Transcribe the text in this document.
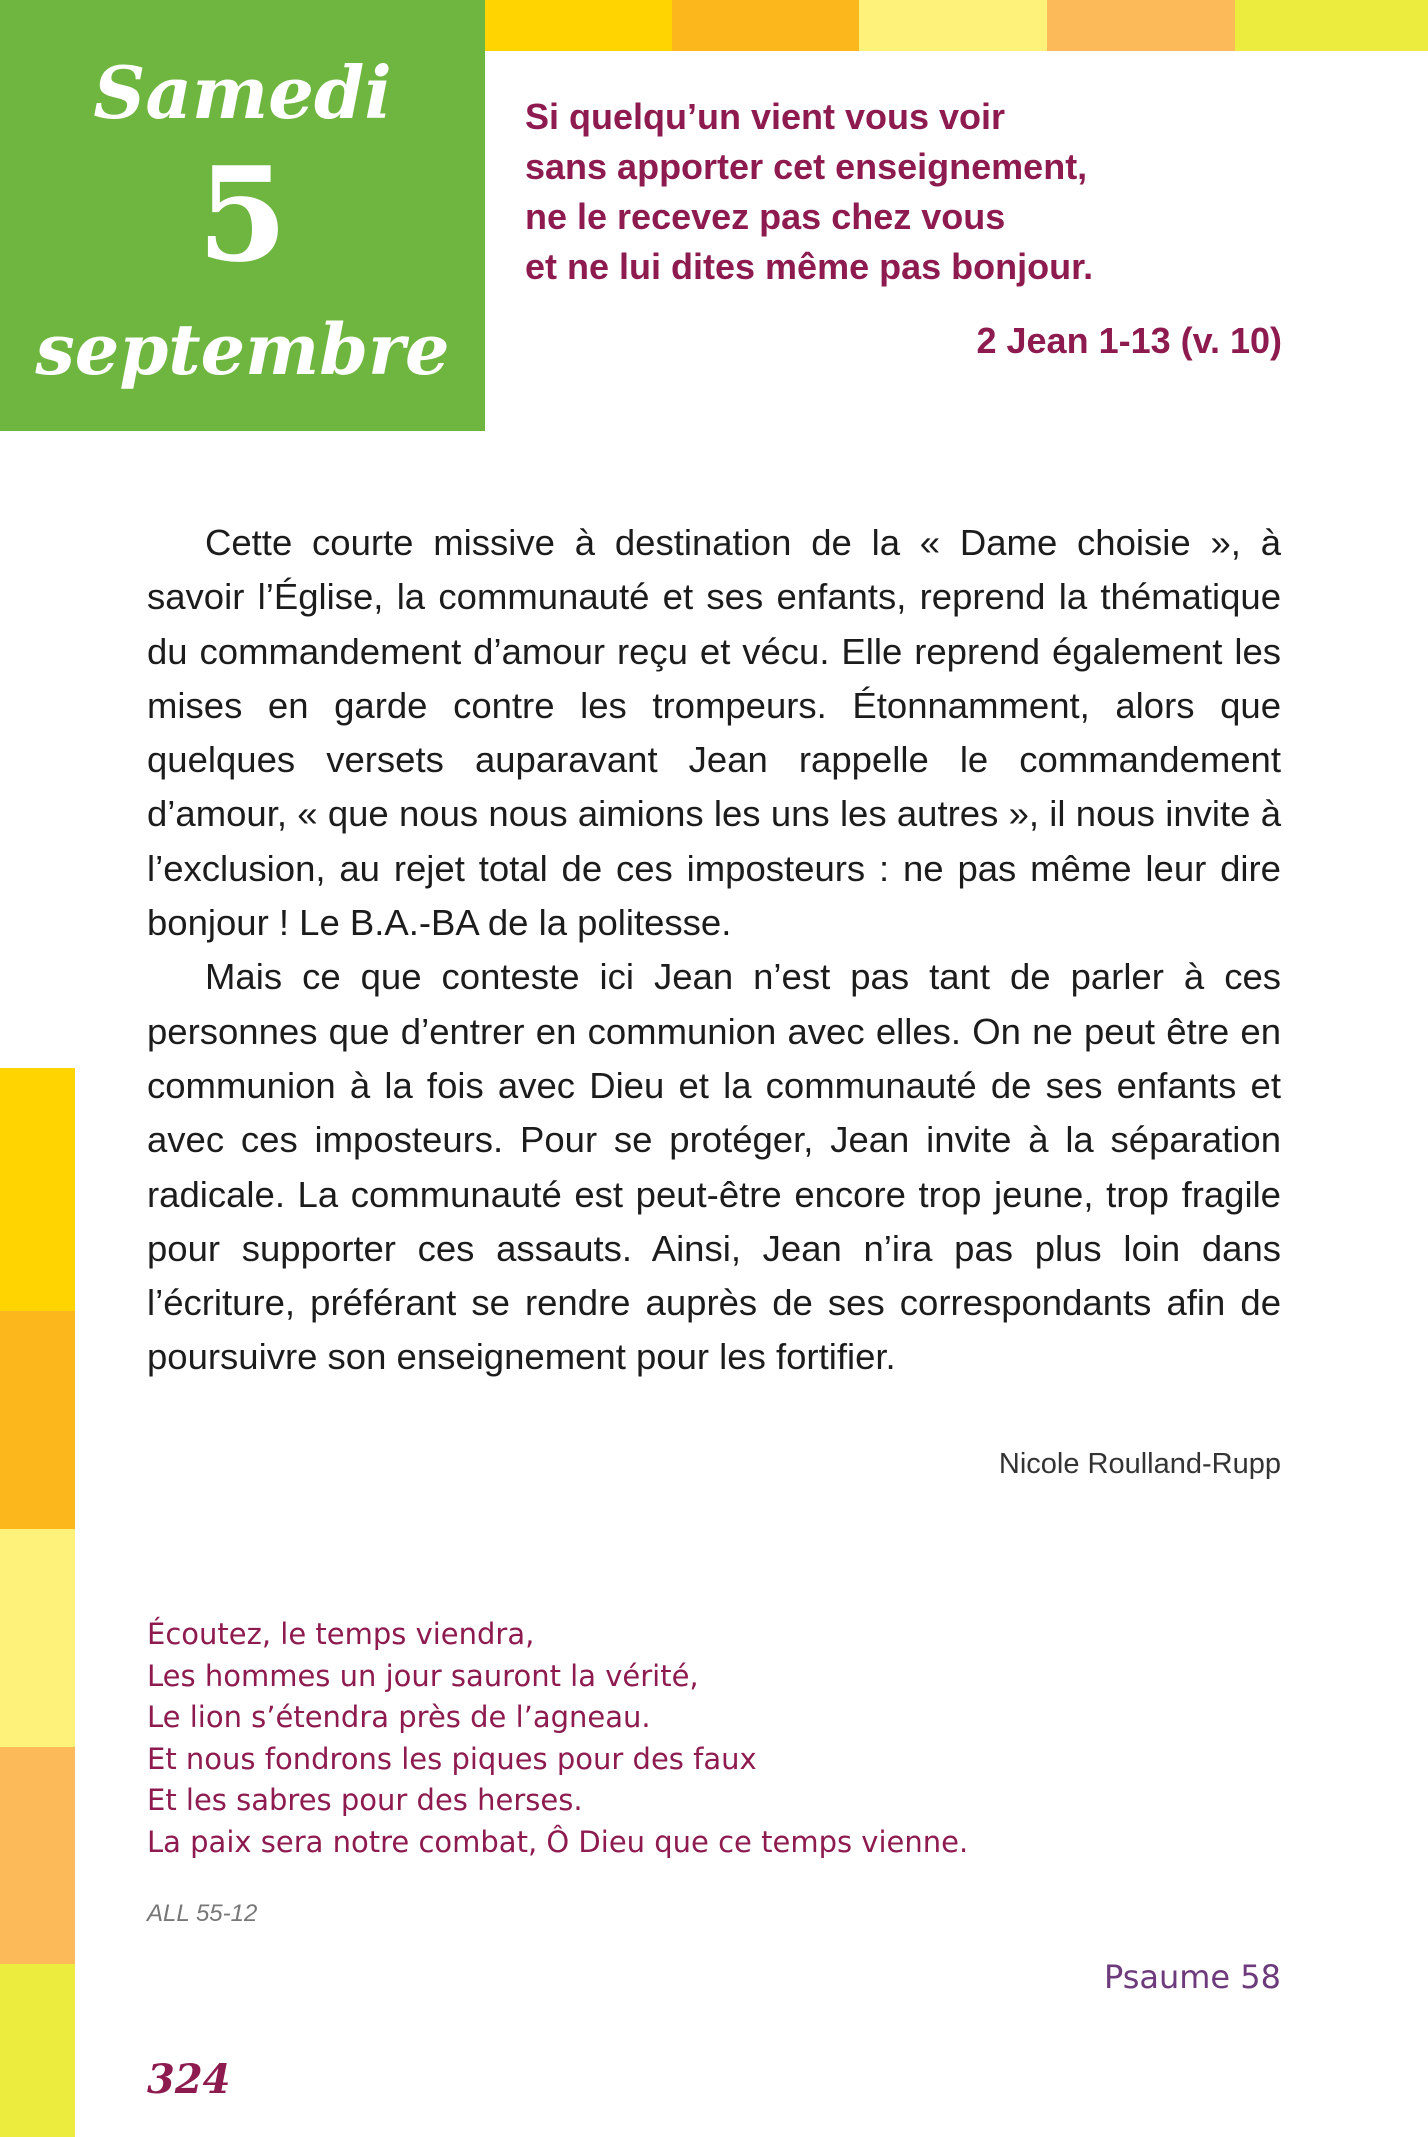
Samedi
5
septembre

Si quelqu’un vient vous voir

sans apporter cet enseignement,

ne le recevez pas chez vous

et ne lui dites même pas bonjour.

2 Jean 1-13 (v. 10)

Cette courte missive à destination de la « Dame choisie », à savoir l’Église, la communauté et ses enfants, reprend la thématique du commandement d’amour reçu et vécu. Elle reprend également les mises en garde contre les trompeurs. Étonnamment, alors que quelques versets auparavant Jean rappelle le commandement d’amour, « que nous nous aimions les uns les autres », il nous invite à l’exclusion, au rejet total de ces imposteurs : ne pas même leur dire bonjour ! Le B.A.-BA de la politesse.

Mais ce que conteste ici Jean n’est pas tant de parler à ces personnes que d’entrer en communion avec elles. On ne peut être en communion à la fois avec Dieu et la communauté de ses enfants et avec ces imposteurs. Pour se protéger, Jean invite à la séparation radicale. La communauté est peut-être encore trop jeune, trop fragile pour supporter ces assauts. Ainsi, Jean n’ira pas plus loin dans l’écriture, préférant se rendre auprès de ses correspondants afin de poursuivre son enseignement pour les fortifier.

Nicole Roulland-Rupp
Écoutez, le temps viendra,
Les hommes un jour sauront la vérité,
Le lion s’étendra près de l’agneau.
Et nous fondrons les piques pour des faux
Et les sabres pour des herses.
La paix sera notre combat, Ô Dieu que ce temps vienne.
ALL 55-12
Psaume 58
324
